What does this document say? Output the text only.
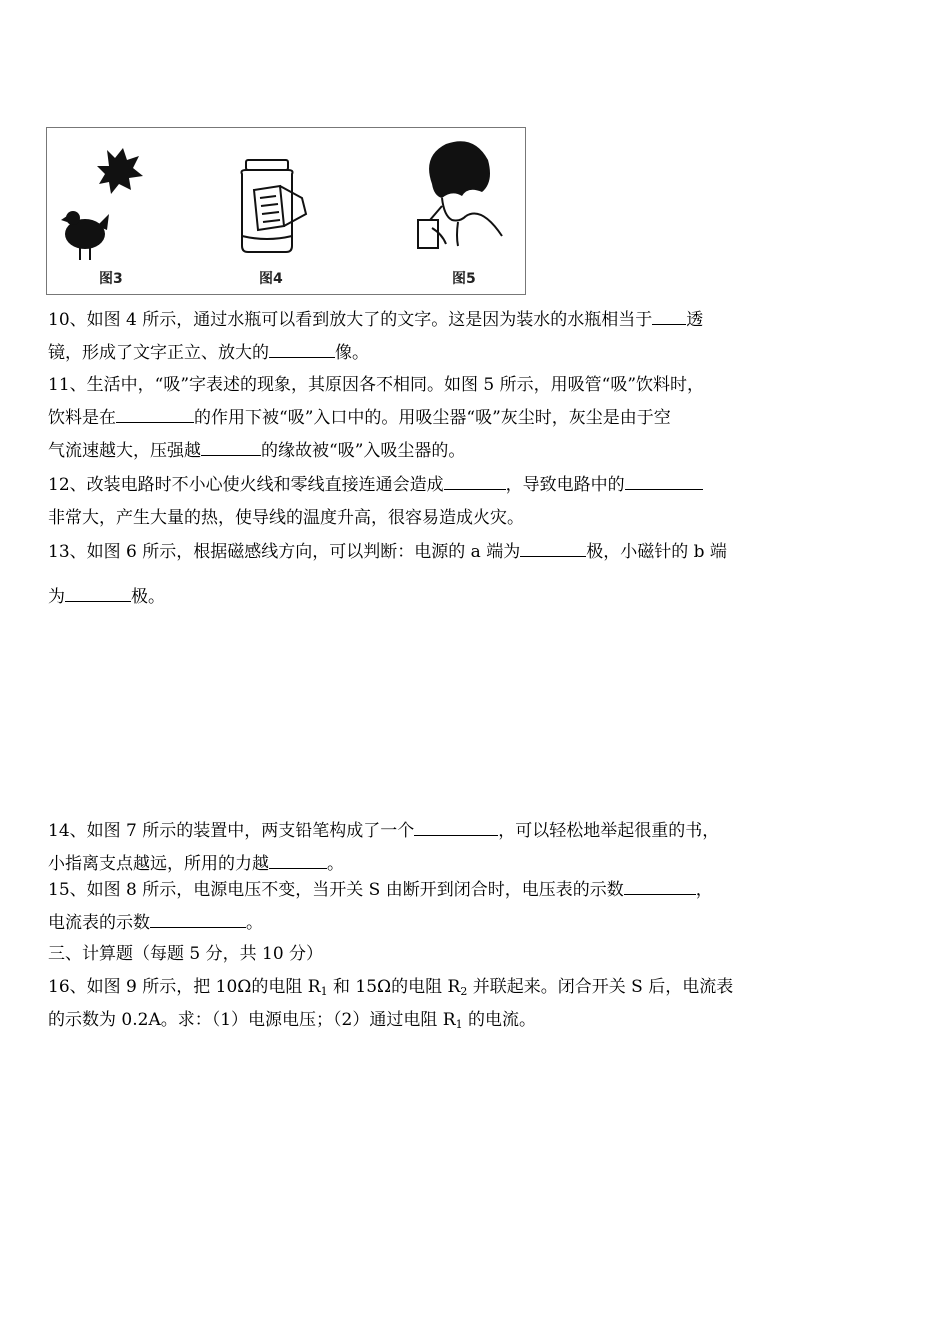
图3	图4	图5
10、如图 4 所示，通过水瓶可以看到放大了的文字。这是因为装水的水瓶相当于 透
镜，形成了文字正立、放大的	像。
11、生活中，“吸”字表述的现象，其原因各不相同。如图 5 所示，用吸管“吸”饮料时，
饮料是在	的作用下被“吸”入口中的。用吸尘器“吸”灰尘时，灰尘是由于空
气流速越大，压强越	的缘故被“吸”入吸尘器的。
12、改装电路时不小心使火线和零线直接连通会造成	，导致电路中的
非常大，产生大量的热，使导线的温度升高，很容易造成火灾。
13、如图 6 所示，根据磁感线方向，可以判断：电源的 a 端为	极，小磁针的 b 端
为	极。
14、如图 7 所示的装置中，两支铅笔构成了一个	，可以轻松地举起很重的书，
小指离支点越远，所用的力越	。
15、如图 8 所示，电源电压不变，当开关 S 由断开到闭合时，电压表的示数	，
电流表的示数	。
三、计算题（每题 5 分，共 10 分）
16、如图 9 所示，把 10Ω的电阻 $R_1$ 和 15Ω的电阻 $R_2$ 并联起来。闭合开关 S 后，电流表
的示数为 0.2A。求：（1）电源电压；（2）通过电阻 $R_1$ 的电流。
